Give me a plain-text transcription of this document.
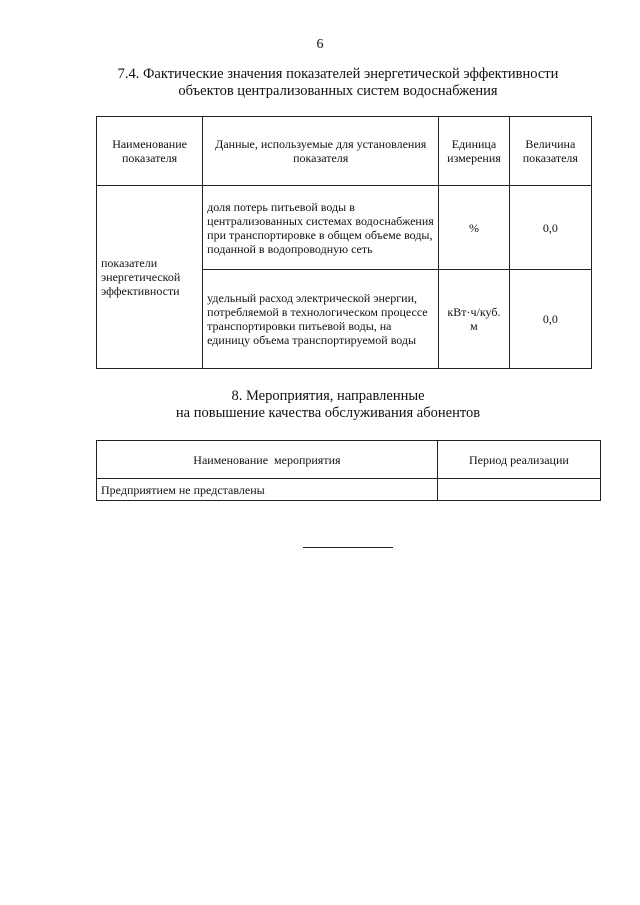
6
7.4. Фактические значения показателей энергетической эффективности
объектов централизованных систем водоснабжения
Наименование показателя	Данные, используемые для установления показателя	Единица измерения	Величина показателя
показатели энергетической эффективности	доля потерь питьевой воды в централизованных системах водоснабжения при транспортировке в общем объеме воды, поданной в водопроводную сеть	%	0,0
	удельный расход электрической энергии, потребляемой в технологическом процессе транспортировки питьевой воды, на единицу объема транспортируемой воды	кВт·ч/куб. м	0,0
8. Мероприятия, направленные
на повышение качества обслуживания абонентов
Наименование  мероприятия	Период реализации
Предприятием не представлены	
